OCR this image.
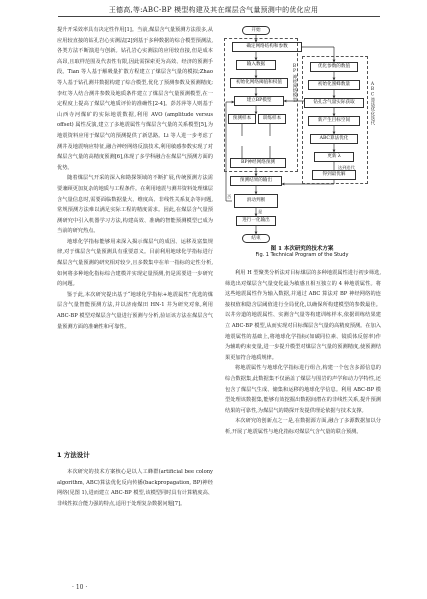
王德高,等:ABC-BP 模型构建及其在煤层含气量预测中的优化应用

提升开采效率具有决定性作用[1]。当前,煤层含气量预测方法很多,从应用较直接的钻孔岩心实测法[2]到基于多种数据的综合模型预测法,各类方法不断演进与创新。钻孔岩心实测法的应用较直接,但是成本高昂,且取样范围及代表性有限,因此需探索更为高效、经济的预测手段。Tian 等人基于解吸量扩散方程建立了煤层含气量的模拟;Zhao 等人基于钻孔测井数据构建了综合模型,优化了预测参数及预测精度;李红等人结合测井参数及地质条件建立了煤层含气量预测模型,在一定程度上提高了煤层气地质评价的准确性[2-4]。彭苏萍等人则基于山西寺河煤矿的实际地震数据,利用 AVO (amplitude versus offset) 属性反演,建立了多地震属性与煤层含气量的关系模型[5],为地震资料应用于煤层气的预测提供了新思路。Li 等人进一步考虑了测井及地震响应特征,融合神经网络反演技术,利用敏感参数实现了对煤层含气量的高精度预测[6],体现了多学科融合在煤层气预测方面的优势。

随着煤层气开采的深入和勘探领域的不断扩展,传统预测方法需要兼顾更加复杂的地质与工程条件。在利用地震与测井资料处理煤层含气量信息时,需要面临数据量大、维度高、非线性关系复杂等问题,常规预测方法难以满足实际工程的精度需求。因此,在煤层含气量预测研究中引入机器学习方法,构建高效、准确的智能预测模型已成为当前的研究热点。

地球化学指标能够用来深入揭示煤层气的成因、运移及富集规律,对于煤层含气量预测具有重要意义。目前利用地球化学指标进行煤层含气量预测的研究相对较少,且多数集中在单一指标的定性分析,如何将多种地化指标综合建模并实现定量预测,仍是需要进一步研究的问题。

鉴于此,本次研究提出基于“地球化学指标+地震属性”优选的煤层含气量智能预测方法,并以济南煤田 HN-1 井为研究对象,利用 ABC-BP 模型对煤层含气量进行预测与分析,验证该方法在煤层含气量预测方面的准确性和可靠性。

1 方法设计

本次研究的技术方案核心是以人工蜂群(artificial bee colony algorithm, ABC)算法优化反向传播(backpropagation, BP)神经网络(见图 1),进而建立 ABC-BP 模型,该模型同时具有计算精度高、非线性拟合能力强的特点,适用于处理复杂数据问题[7]。

开始
确定网络结构和参数
输入数据
初始化网络阈值和权值
建立BP模型
预测样本	训练样本
BP神经网络预测
预测结果的输出
滑动判断
进行一化输出
结束
优化参数的数值
初始化蜜蜂数量
钻孔含气量实际获取
新产生目标空间
ABC算法优化
更新 λ
得到最优解
BP神经网络模型	ABC算法优化迭代
是
否
达到迭代
图 1 本次研究的技术方案
Fig. 1 Technical Program of the Study

利用 H 型聚类分析法对目标煤层的多种地震属性进行初步筛选,筛选出对煤层含气量变化最为敏感且相互独立的 4 种地震属性。将这些地震属性作为输入数据,并通过 ABC 算法对 BP 神经网络的连接权值和隐含层阈值进行全局优化,以确保所构建模型的参数最佳。以井旁道的地震属性、实测含气量等构建训练样本,依据训练结果建立 ABC-BP 模型,从而实现对目标煤层含气量的高精度预测。在加入地震属性的基础上,将地球化学指标(如碳同位素、镜质体反射率)作为辅助约束变量,进一步提升模型对煤层含气量的预测精度,使预测结果更加符合地质规律。

将地震属性与地球化学指标进行组合,构建一个包含多源信息的综合数据集,此数据集不仅涵盖了煤层与围岩的声学和动力学特性,还包含了煤层气生成、储集和运移的地球化学信息。利用 ABC-BP 模型处理该数据集,能够有效挖掘出数据间潜在的非线性关系,提升预测结果的可靠性,为煤层气的勘探开发提供理论依据与技术支撑。

本次研究的创新点之一是,在数据源方面,融合了多源数据加以分析,开展了地震属性与地化指标对煤层气含气量的联合预测。

· 10 ·
